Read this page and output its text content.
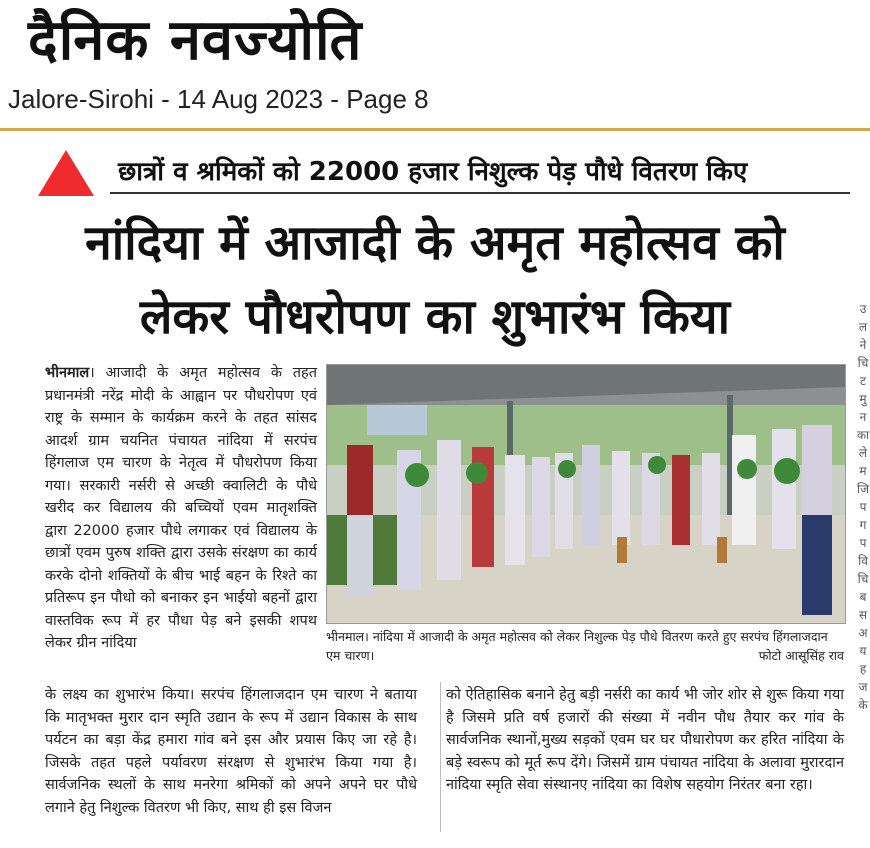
दैनिक नवज्योति
Jalore-Sirohi - 14 Aug 2023 - Page 8
छात्रों व श्रमिकों को 22000 हजार निशुल्क पेड़ पौधे वितरण किए
नांदिया में आजादी के अमृत महोत्सव को
लेकर पौधरोपण का शुभारंभ किया
भीनमाल। आजादी के अमृत महोत्सव के तहत प्रधानमंत्री नरेंद्र मोदी के आह्वान पर पौधरोपण एवं राष्ट्र के सम्मान के कार्यक्रम करने के तहत सांसद आदर्श ग्राम चयनित पंचायत नांदिया में सरपंच हिंगलाज एम चारण के नेतृत्व में पौधरोपण किया गया। सरकारी नर्सरी से अच्छी क्वालिटी के पौधे खरीद कर विद्यालय की बच्चियों एवम मातृशक्ति द्वारा 22000 हजार पौधे लगाकर एवं विद्यालय के छात्रों एवम पुरुष शक्ति द्वारा उसके संरक्षण का कार्य करके दोनो शक्तियों के बीच भाई बहन के रिश्ते का प्रतिरूप इन पौधो को बनाकर इन भाईयो बहनों द्वारा वास्तविक रूप में हर पौधा पेड़ बने इसकी शपथ लेकर ग्रीन नांदिया	भीनमाल। नांदिया में आजादी के अमृत महोत्सव को लेकर निशुल्क पेड़ पौधे वितरण करते हुए सरपंच हिंगलाजदान एम चारण।	फोटो आसूसिंह राव
के लक्ष्य का शुभारंभ किया। सरपंच हिंगलाजदान एम चारण ने बताया कि मातृभक्त मुरार दान स्मृति उद्यान के रूप में उद्यान विकास के साथ पर्यटन का बड़ा केंद्र हमारा गांव बने इस और प्रयास किए जा रहे है। जिसके तहत पहले पर्यावरण संरक्षण से शुभारंभ किया गया है। सार्वजनिक स्थलों के साथ मनरेगा श्रमिकों को अपने अपने घर पौधे लगाने हेतु निशुल्क वितरण भी किए, साथ ही इस विजन
को ऐतिहासिक बनाने हेतु बड़ी नर्सरी का कार्य भी जोर शोर से शुरू किया गया है जिसमे प्रति वर्ष हजारों की संख्या में नवीन पौध तैयार कर गांव के सार्वजनिक स्थानों,मुख्य सड़कों एवम घर घर पौधारोपण कर हरित नांदिया के बड़े स्वरूप को मूर्त रूप देंगे। जिसमें ग्राम पंचायत नांदिया के अलावा मुरारदान नांदिया स्मृति सेवा संस्थानए नांदिया का विशेष सहयोग निरंतर बना रहा।
उ
ल
ने
चि
ट
मु
न
का
ले
म
जि
प
ग
प
वि
चि
ब
स
अ
य
ह
ज
के
